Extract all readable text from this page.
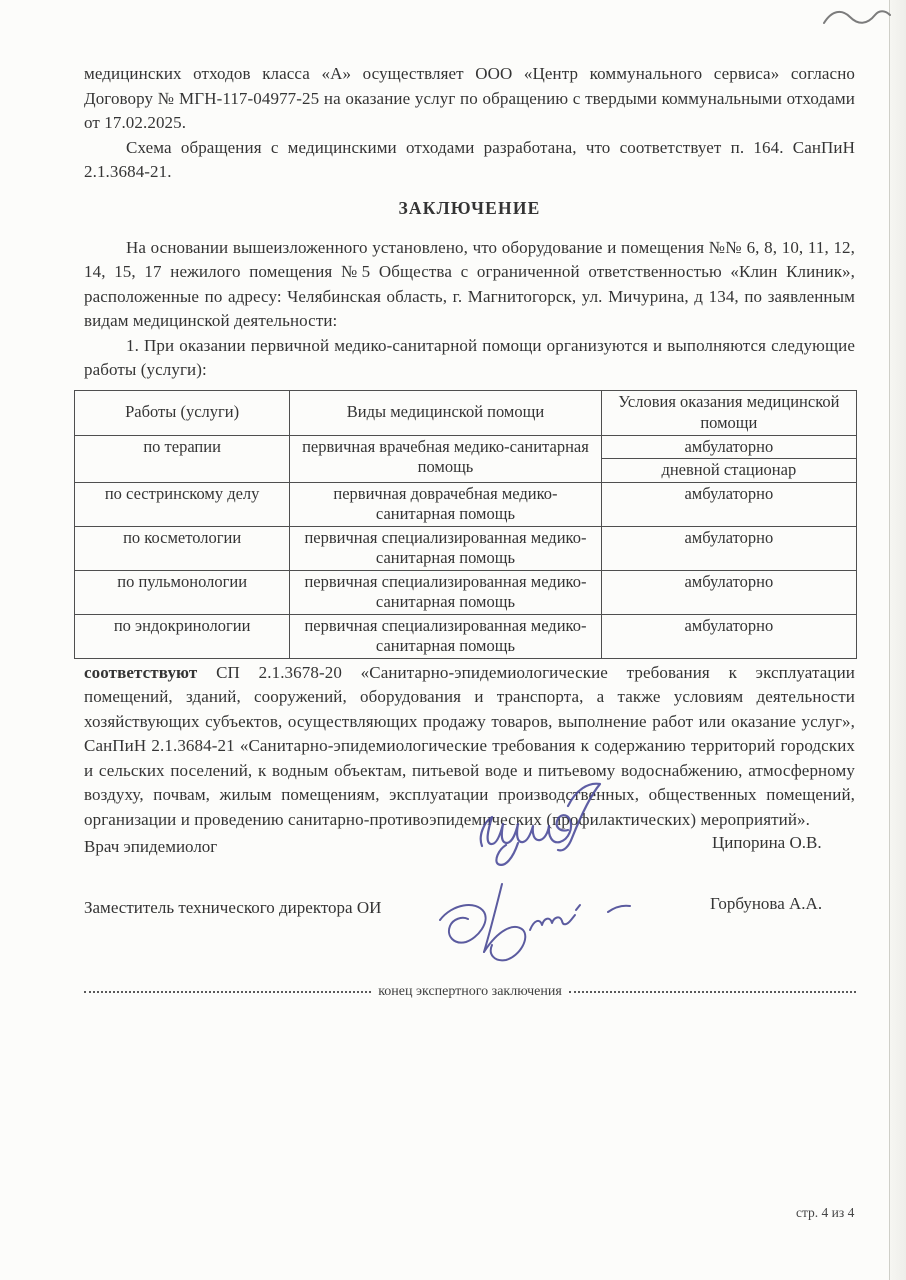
медицинских отходов класса «А» осуществляет ООО «Центр коммунального сервиса» согласно Договору № МГН-117-04977-25 на оказание услуг по обращению с твердыми коммунальными отходами от 17.02.2025.

Схема обращения с медицинскими отходами разработана, что соответствует п. 164. СанПиН 2.1.3684-21.

ЗАКЛЮЧЕНИЕ

На основании вышеизложенного установлено, что оборудование и помещения №№ 6, 8, 10, 11, 12, 14, 15, 17 нежилого помещения №5 Общества с ограниченной ответственностью «Клин Клиник», расположенные по адресу: Челябинская область, г. Магнитогорск, ул. Мичурина, д 134, по заявленным видам медицинской деятельности:

1. При оказании первичной медико-санитарной помощи организуются и выполняются следующие работы (услуги):

Работы (услуги)	Виды медицинской помощи	Условия оказания медицинской помощи
по терапии	первичная врачебная медико-санитарная помощь	амбулаторно
		дневной стационар
по сестринскому делу	первичная доврачебная медико-санитарная помощь	амбулаторно
по косметологии	первичная специализированная медико-санитарная помощь	амбулаторно
по пульмонологии	первичная специализированная медико-санитарная помощь	амбулаторно
по эндокринологии	первичная специализированная медико-санитарная помощь	амбулаторно

соответствуют СП 2.1.3678-20 «Санитарно-эпидемиологические требования к эксплуатации помещений, зданий, сооружений, оборудования и транспорта, а также условиям деятельности хозяйствующих субъектов, осуществляющих продажу товаров, выполнение работ или оказание услуг», СанПиН 2.1.3684-21 «Санитарно-эпидемиологические требования к содержанию территорий городских и сельских поселений, к водным объектам, питьевой воде и питьевому водоснабжению, атмосферному воздуху, почвам, жилым помещениям, эксплуатации производственных, общественных помещений, организации и проведению санитарно-противоэпидемических (профилактических) мероприятий».

Врач эпидемиолог	Ципорина О.В.
Заместитель технического директора ОИ	Горбунова А.А.
конец экспертного заключения
стр. 4 из 4
